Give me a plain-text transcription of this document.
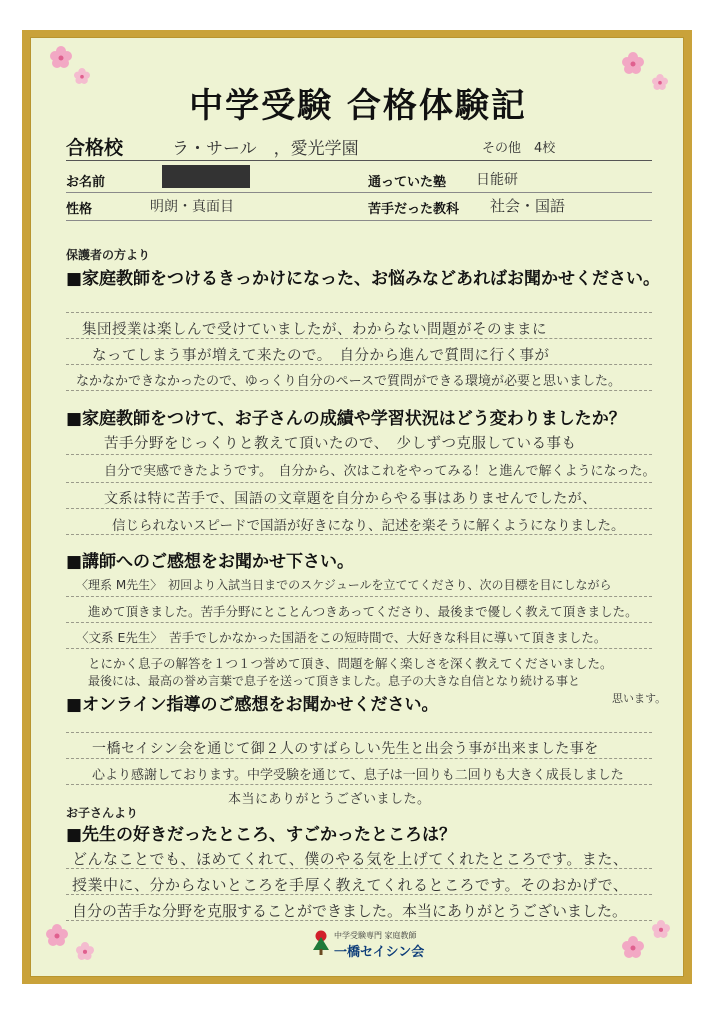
中学受験 合格体験記
合格校	ラ・サール　，愛光学園	その他　4校
お名前	通っていた塾 日能研
性格	明朗・真面目	苦手だった教科 社会・国語
保護者の方より
■家庭教師をつけるきっかけになった、お悩みなどあればお聞かせください。
集団授業は楽しんで受けていましたが、わからない問題がそのままに
なってしまう事が増えて来たので。　自分から進んで質問に行く事が
なかなかできなかったので、ゆっくり自分のペースで質問ができる環境が必要と思いました。
■家庭教師をつけて、お子さんの成績や学習状況はどう変わりましたか？
苦手分野をじっくりと教えて頂いたので、　少しずつ克服している事も
自分で実感できたようです。　自分から、次はこれをやってみる！と進んで解くようになった。
文系は特に苦手で、国語の文章題を自分からやる事はありませんでしたが、
信じられないスピードで国語が好きになり、記述を楽そうに解くようになりました。
■講師へのご感想をお聞かせ下さい。
〈理系 M先生〉　初回より入試当日までのスケジュールを立ててくださり、次の目標を目にしながら
進めて頂きました。苦手分野にとことんつきあってくださり、最後まで優しく教えて頂きました。
〈文系 E先生〉　苦手でしかなかった国語をこの短時間で、大好きな科目に導いて頂きました。
とにかく息子の解答を１つ１つ誉めて頂き、問題を解く楽しさを深く教えてくださいました。
最後には、最高の誉め言葉で息子を送って頂きました。息子の大きな自信となり続ける事と
思います。
■オンライン指導のご感想をお聞かせください。
一橋セイシン会を通じて御２人のすばらしい先生と出会う事が出来ました事を
心より感謝しております。中学受験を通じて、息子は一回りも二回りも大きく成長しました
本当にありがとうございました。
お子さんより
■先生の好きだったところ、すごかったところは？
どんなことでも、ほめてくれて、僕のやる気を上げてくれたところです。また、
授業中に、分からないところを手厚く教えてくれるところです。そのおかげで、
自分の苦手な分野を克服することができました。本当にありがとうございました。
中学受験専門 家庭教師
一橋セイシン会
